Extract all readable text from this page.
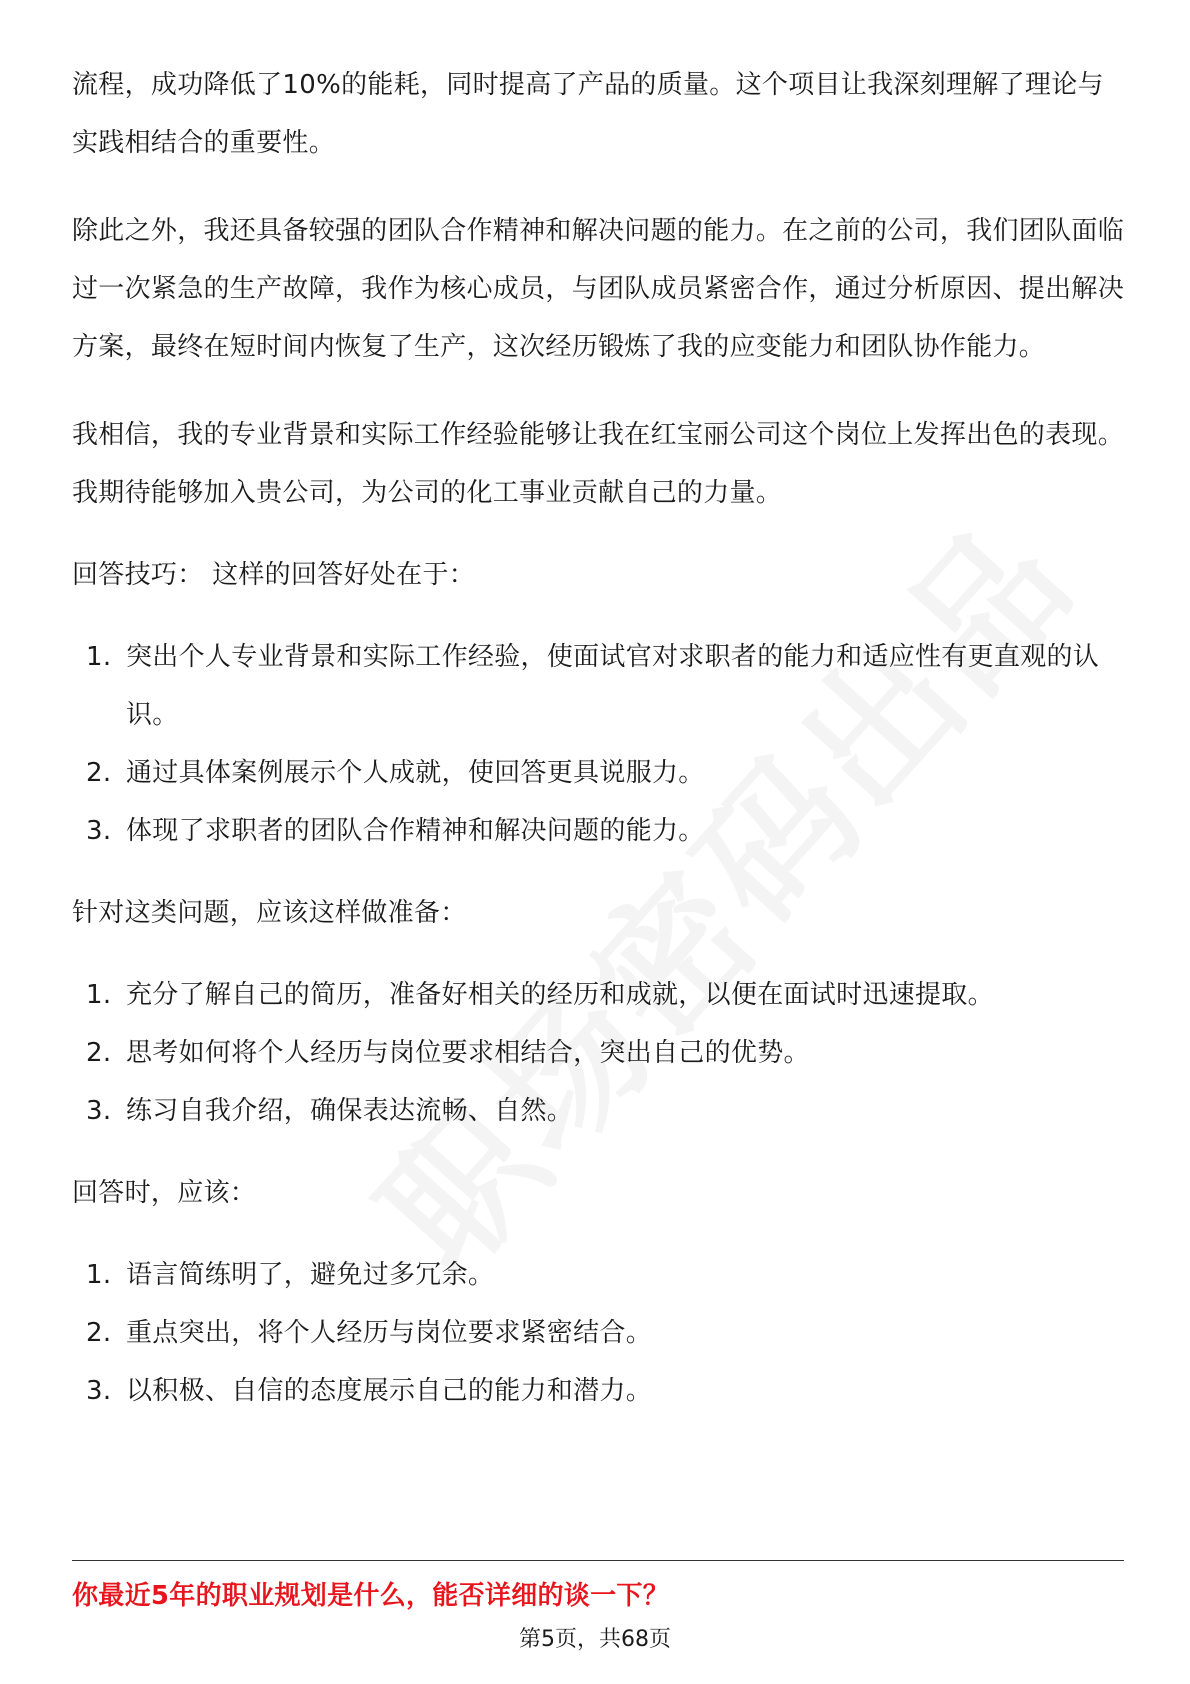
流程，成功降低了10%的能耗，同时提高了产品的质量。这个项目让我深刻理解了理论与实践相结合的重要性。

除此之外，我还具备较强的团队合作精神和解决问题的能力。在之前的公司，我们团队面临过一次紧急的生产故障，我作为核心成员，与团队成员紧密合作，通过分析原因、提出解决方案，最终在短时间内恢复了生产，这次经历锻炼了我的应变能力和团队协作能力。

我相信，我的专业背景和实际工作经验能够让我在红宝丽公司这个岗位上发挥出色的表现。我期待能够加入贵公司，为公司的化工事业贡献自己的力量。

回答技巧： 这样的回答好处在于：

1. 突出个人专业背景和实际工作经验，使面试官对求职者的能力和适应性有更直观的认识。
2. 通过具体案例展示个人成就，使回答更具说服力。
3. 体现了求职者的团队合作精神和解决问题的能力。

针对这类问题，应该这样做准备：

1. 充分了解自己的简历，准备好相关的经历和成就，以便在面试时迅速提取。
2. 思考如何将个人经历与岗位要求相结合，突出自己的优势。
3. 练习自我介绍，确保表达流畅、自然。

回答时，应该：

1. 语言简练明了，避免过多冗余。
2. 重点突出，将个人经历与岗位要求紧密结合。
3. 以积极、自信的态度展示自己的能力和潜力。
你最近5年的职业规划是什么，能否详细的谈一下？
第5页，共68页
